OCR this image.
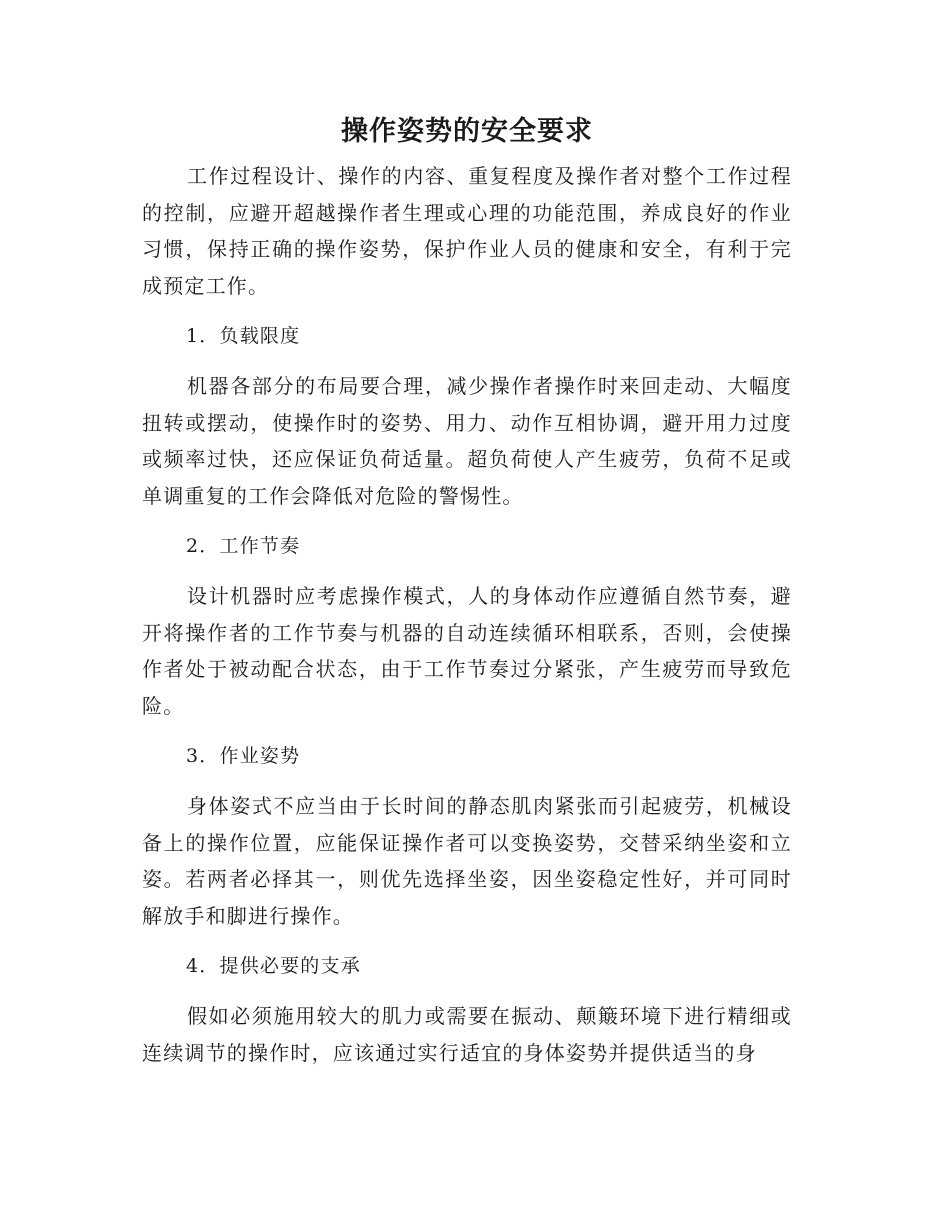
操作姿势的安全要求

工作过程设计、操作的内容、重复程度及操作者对整个工作过程的控制，应避开超越操作者生理或心理的功能范围，养成良好的作业习惯，保持正确的操作姿势，保护作业人员的健康和安全，有利于完成预定工作。

1．负载限度

机器各部分的布局要合理，减少操作者操作时来回走动、大幅度扭转或摆动，使操作时的姿势、用力、动作互相协调，避开用力过度或频率过快，还应保证负荷适量。超负荷使人产生疲劳，负荷不足或单调重复的工作会降低对危险的警惕性。

2．工作节奏

设计机器时应考虑操作模式，人的身体动作应遵循自然节奏，避开将操作者的工作节奏与机器的自动连续循环相联系，否则，会使操作者处于被动配合状态，由于工作节奏过分紧张，产生疲劳而导致危险。

3．作业姿势

身体姿式不应当由于长时间的静态肌肉紧张而引起疲劳，机械设备上的操作位置，应能保证操作者可以变换姿势，交替采纳坐姿和立姿。若两者必择其一，则优先选择坐姿，因坐姿稳定性好，并可同时解放手和脚进行操作。

4．提供必要的支承

假如必须施用较大的肌力或需要在振动、颠簸环境下进行精细或连续调节的操作时，应该通过实行适宜的身体姿势并提供适当的身
